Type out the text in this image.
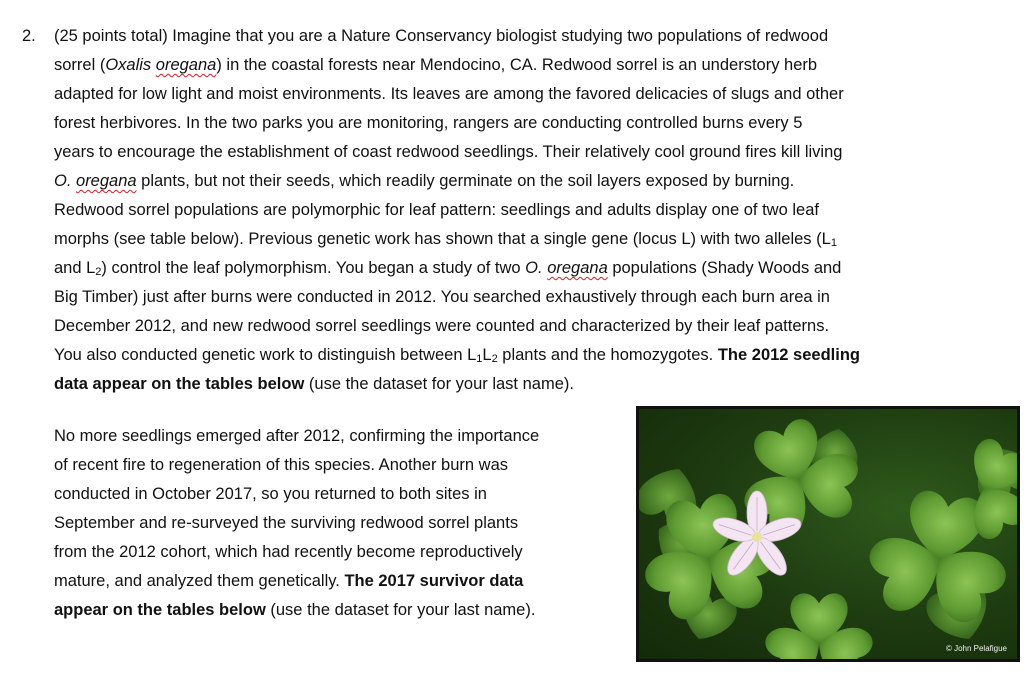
2. (25 points total) Imagine that you are a Nature Conservancy biologist studying two populations of redwood
sorrel (Oxalis oregana) in the coastal forests near Mendocino, CA. Redwood sorrel is an understory herb
adapted for low light and moist environments. Its leaves are among the favored delicacies of slugs and other
forest herbivores. In the two parks you are monitoring, rangers are conducting controlled burns every 5
years to encourage the establishment of coast redwood seedlings. Their relatively cool ground fires kill living
O. oregana plants, but not their seeds, which readily germinate on the soil layers exposed by burning.
Redwood sorrel populations are polymorphic for leaf pattern: seedlings and adults display one of two leaf
morphs (see table below). Previous genetic work has shown that a single gene (locus L) with two alleles ($L_1$
and $L_2$) control the leaf polymorphism. You began a study of two O. oregana populations (Shady Woods and
Big Timber) just after burns were conducted in 2012. You searched exhaustively through each burn area in
December 2012, and new redwood sorrel seedlings were counted and characterized by their leaf patterns.
You also conducted genetic work to distinguish between $L_1L_2$ plants and the homozygotes. The 2012 seedling
data appear on the tables below (use the dataset for your last name).
No more seedlings emerged after 2012, confirming the importance
of recent fire to regeneration of this species. Another burn was
conducted in October 2017, so you returned to both sites in
September and re-surveyed the surviving redwood sorrel plants
from the 2012 cohort, which had recently become reproductively
mature, and analyzed them genetically. The 2017 survivor data
appear on the tables below (use the dataset for your last name).
© John Pelafigue
